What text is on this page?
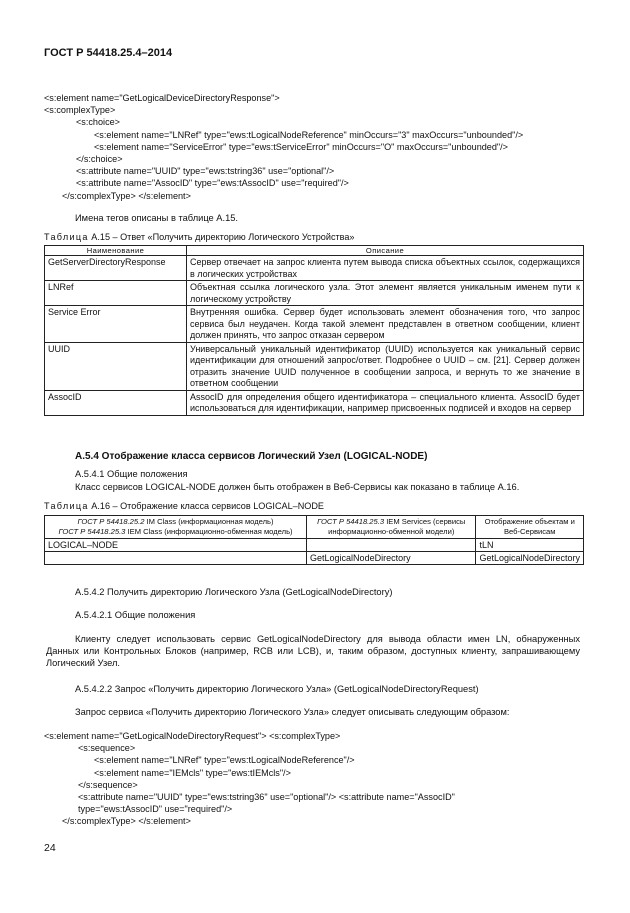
ГОСТ Р 54418.25.4–2014
<s:element name="GetLogicalDeviceDirectoryResponse">
<s:complexType>
<s:choice>
<s:element name="LNRef" type="ews:tLogicalNodeReference" minOccurs="3" maxOccurs="unbounded"/>
<s:element name="ServiceError" type="ews:tServiceError" minOccurs="O" maxOccurs="unbounded"/>
</s:choice>
<s:attribute name="UUID" type="ews:tstring36" use="optional"/>
<s:attribute name="AssocID" type="ews:tAssocID" use="required"/>
</s:complexType> </s:element>
Имена тегов описаны в таблице А.15.
Таблица А.15 – Ответ «Получить директорию Логического Устройства»
Наименование	Описание
GetServerDirectoryResponse	Сервер отвечает на запрос клиента путем вывода списка объектных ссылок, содержащихся в логических устройствах
LNRef	Объектная ссылка логического узла. Этот элемент является уникальным именем пути к логическому устройству
Service Error	Внутренняя ошибка. Сервер будет использовать элемент обозначения того, что запрос сервиса был неудачен. Когда такой элемент представлен в ответном сообщении, клиент должен принять, что запрос отказан сервером
UUID	Универсальный уникальный идентификатор (UUID) используется как уникальный сервис идентификации для отношений запрос/ответ. Подробнее о UUID – см. [21]. Сервер должен отразить значение UUID полученное в сообщении запроса, и вернуть то же значение в ответном сообщении
AssocID	AssocID для определения общего идентификатора – специального клиента. AssocID будет использоваться для идентификации, например присвоенных подписей и входов на сервер
А.5.4 Отображение класса сервисов Логический Узел (LOGICAL-NODE)
А.5.4.1 Общие положения
Класс сервисов LOGICAL-NODE должен быть отображен в Веб-Сервисы как показано в таблице А.16.
Таблица А.16 – Отображение класса сервисов LOGICAL–NODE
ГОСТ Р 54418.25.2 IM Class (информационная модель)
ГОСТ Р 54418.25.3 IEM Class (информационно-обменная модель)	ГОСТ Р 54418.25.3 IEM Services (сервисы информационно-обменной модели)	Отображение объектам и Веб-Сервисам
LOGICAL–NODE		tLN
	GetLogicalNodeDirectory	GetLogicalNodeDirectory
А.5.4.2 Получить директорию Логического Узла (GetLogicalNodeDirectory)
А.5.4.2.1 Общие положения
Клиенту следует использовать сервис GetLogicalNodeDirectory для вывода области имен LN, обнаруженных Данных или Контрольных Блоков (например, RCB или LCB), и, таким образом, доступных клиенту, запрашивающему Логический Узел.
А.5.4.2.2 Запрос «Получить директорию Логического Узла» (GetLogicalNodeDirectoryRequest)
Запрос сервиса «Получить директорию Логического Узла» следует описывать следующим образом:
<s:element name="GetLogicalNodeDirectoryRequest"> <s:complexType>
<s:sequence>
<s:element name="LNRef" type="ews:tLogicalNodeReference"/>
<s:element name="IEMcls" type="ews:tIEMcls"/>
</s:sequence>
<s:attribute name="UUID" type="ews:tstring36" use="optional"/> <s:attribute name="AssocID"
type="ews:tAssocID" use="required"/>
</s:complexType> </s:element>
24
